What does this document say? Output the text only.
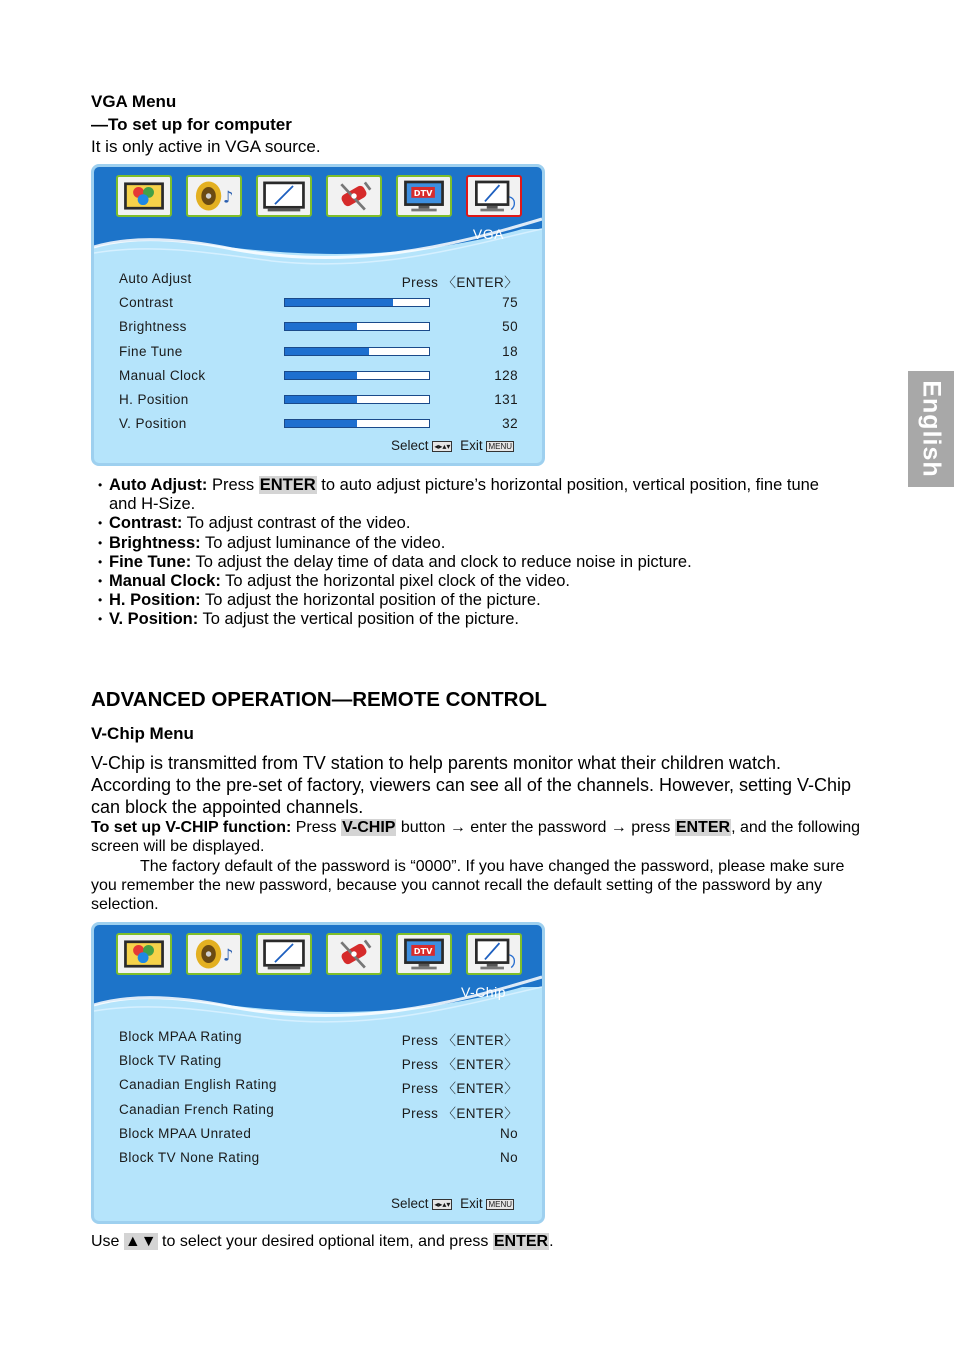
English
VGA Menu
—To set up for computer
It is only active in VGA source.
♪	DTV
VGA
Auto Adjust	Press 〈ENTER〉
Contrast	75
Brightness	50
Fine Tune	18
Manual Clock	128
H. Position	131
V. Position	32
Select ◂▸▴▾ Exit MENU
• Auto Adjust: Press ENTER to auto adjust picture’s horizontal position, vertical position, fine tune and H-Size.
• Contrast: To adjust contrast of the video.
• Brightness: To adjust luminance of the video.
• Fine Tune: To adjust the delay time of data and clock to reduce noise in picture.
• Manual Clock: To adjust the horizontal pixel clock of the video.
• H. Position: To adjust the horizontal position of the picture.
• V. Position: To adjust the vertical position of the picture.
ADVANCED OPERATION—REMOTE CONTROL
V-Chip Menu
V-Chip is transmitted from TV station to help parents monitor what their children watch. According to the pre-set of factory, viewers can see all of the channels. However, setting V-Chip can block the appointed channels.
To set up V-CHIP function: Press V-CHIP button → enter the password → press ENTER, and the following screen will be displayed.
The factory default of the password is “0000”. If you have changed the password, please make sure you remember the new password, because you cannot recall the default setting of the password by any selection.
♪	DTV
V-Chip
Block MPAA Rating	Press 〈ENTER〉
Block TV Rating	Press 〈ENTER〉
Canadian English Rating	Press 〈ENTER〉
Canadian French Rating	Press 〈ENTER〉
Block MPAA Unrated	No
Block TV None Rating	No
Select ◂▸▴▾ Exit MENU
Use ▲▼ to select your desired optional item, and press ENTER.
